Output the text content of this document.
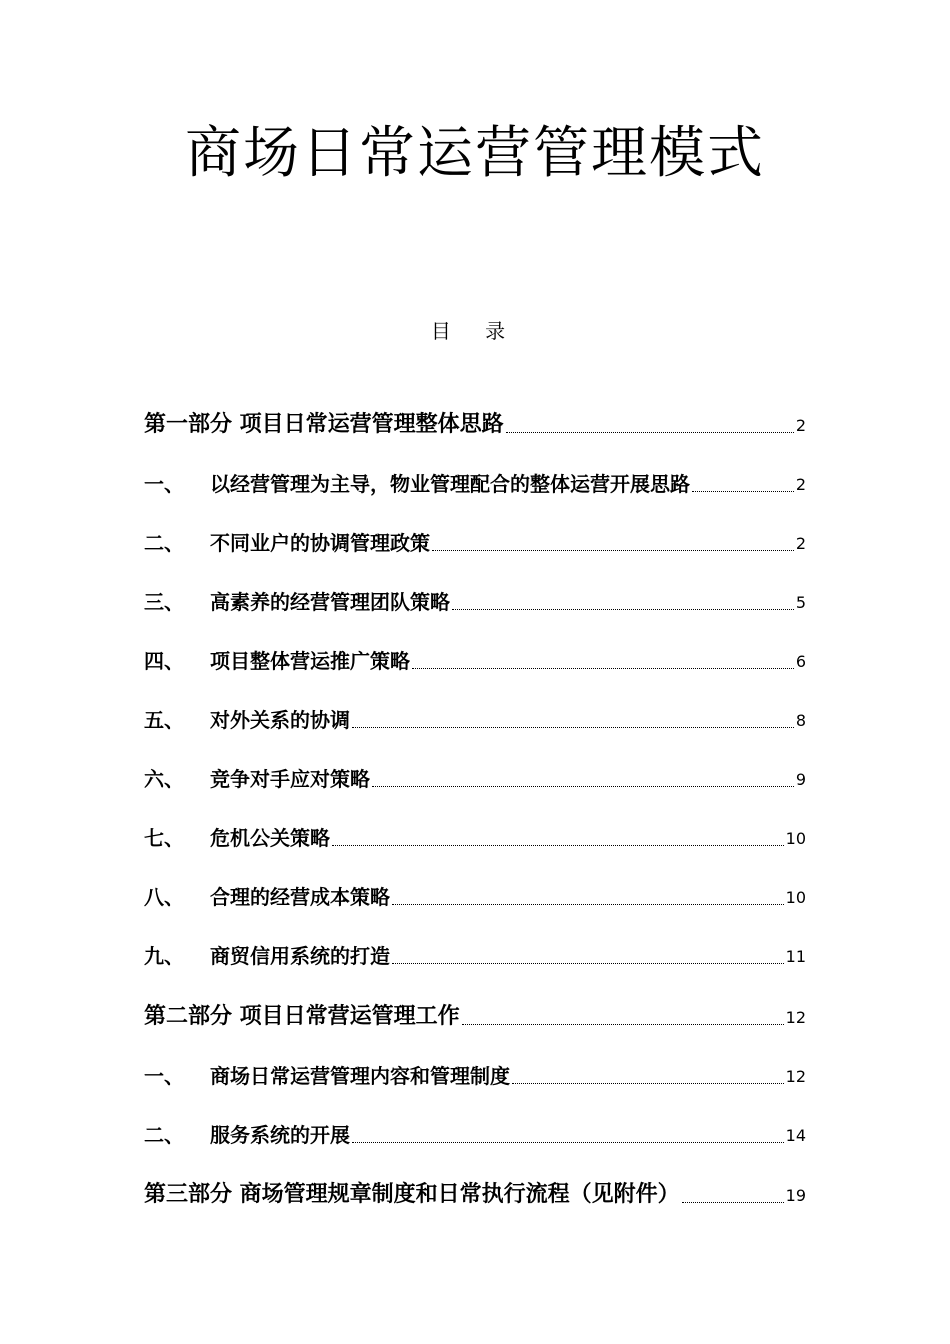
商场日常运营管理模式
目 录
第一部分 项目日常运营管理整体思路	2
一、	以经营管理为主导，物业管理配合的整体运营开展思路	2
二、	不同业户的协调管理政策	2
三、	高素养的经营管理团队策略	5
四、	项目整体营运推广策略	6
五、	对外关系的协调	8
六、	竞争对手应对策略	9
七、	危机公关策略	10
八、	合理的经营成本策略	10
九、	商贸信用系统的打造	11
第二部分 项目日常营运管理工作	12
一、	商场日常运营管理内容和管理制度	12
二、	服务系统的开展	14
第三部分 商场管理规章制度和日常执行流程（见附件）	19
